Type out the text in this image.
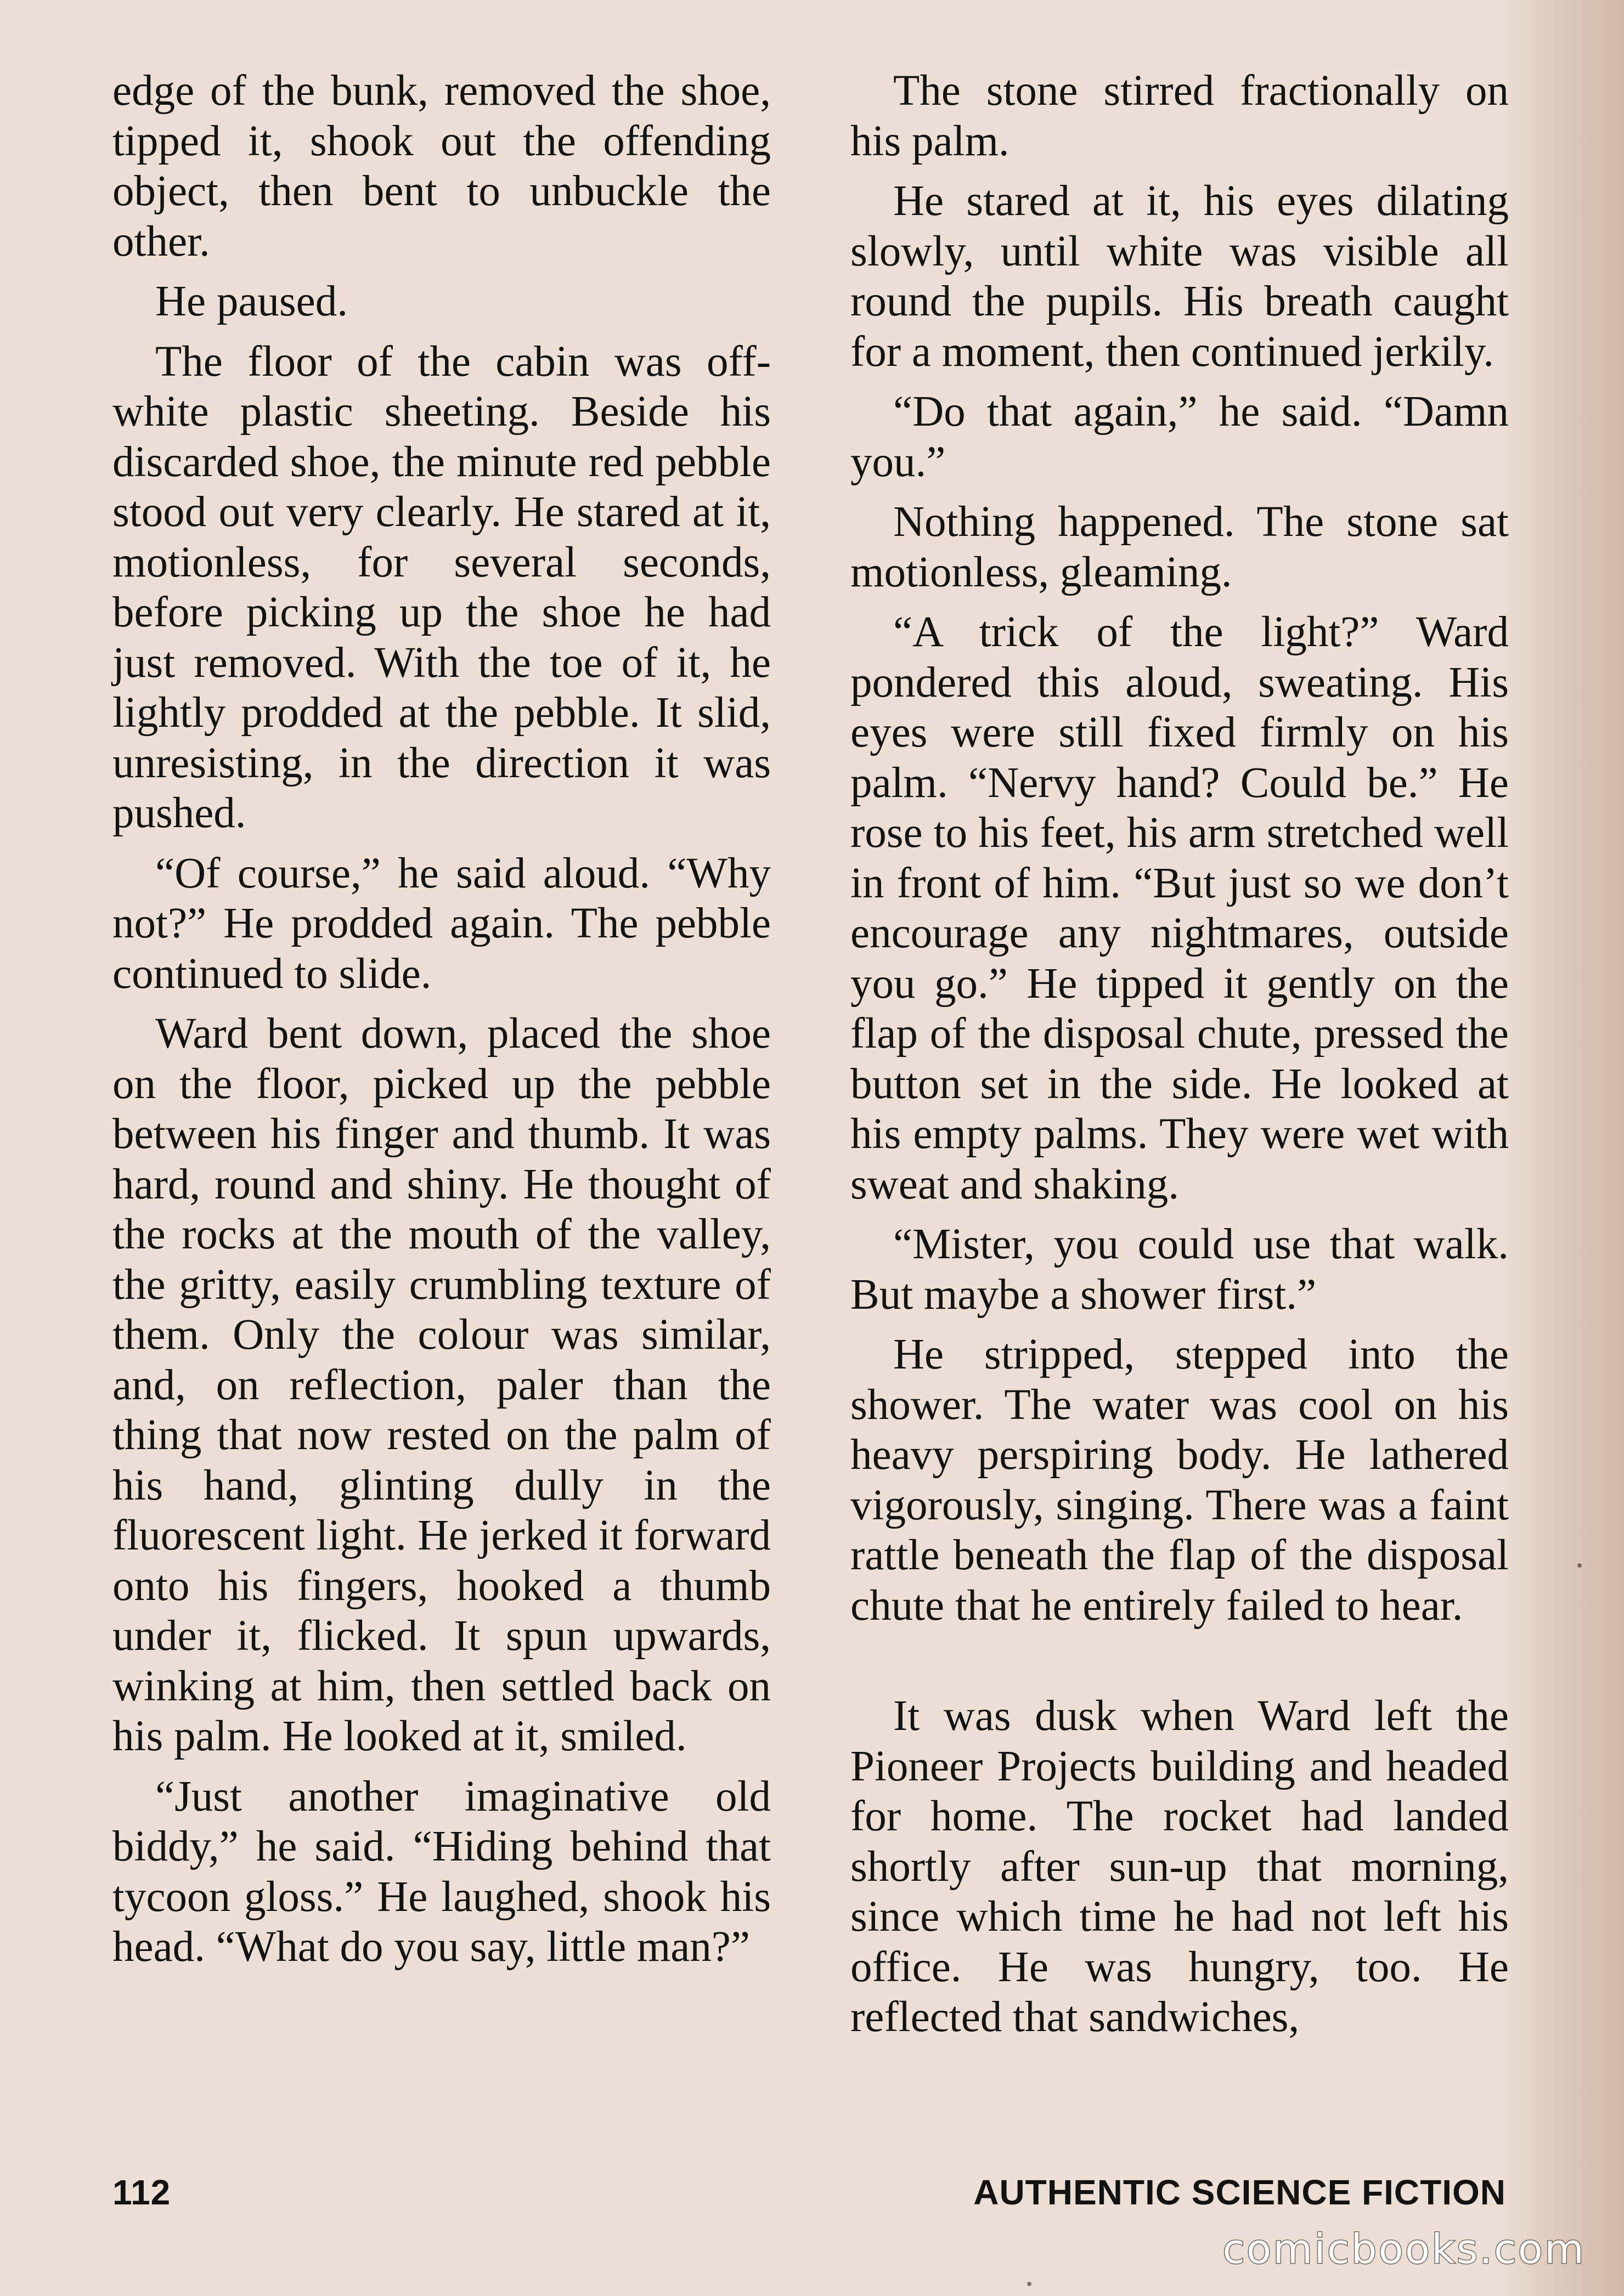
edge of the bunk, removed the shoe, tipped it, shook out the offending object, then bent to unbuckle the other.

He paused.

The floor of the cabin was off-white plastic sheeting. Beside his discarded shoe, the minute red pebble stood out very clearly. He stared at it, motionless, for several seconds, before picking up the shoe he had just removed. With the toe of it, he lightly prodded at the pebble. It slid, unresisting, in the direction it was pushed.

“Of course,” he said aloud. “Why not?” He prodded again. The pebble continued to slide.

Ward bent down, placed the shoe on the floor, picked up the pebble between his finger and thumb. It was hard, round and shiny. He thought of the rocks at the mouth of the valley, the gritty, easily crumbling texture of them. Only the colour was similar, and, on reflection, paler than the thing that now rested on the palm of his hand, glinting dully in the fluorescent light. He jerked it forward onto his fingers, hooked a thumb under it, flicked. It spun upwards, winking at him, then settled back on his palm. He looked at it, smiled.

“Just another imaginative old biddy,” he said. “Hiding behind that tycoon gloss.” He laughed, shook his head. “What do you say, little man?”

The stone stirred fractionally on his palm.

He stared at it, his eyes dilating slowly, until white was visible all round the pupils. His breath caught for a moment, then continued jerkily.

“Do that again,” he said. “Damn you.”

Nothing happened. The stone sat motionless, gleaming.

“A trick of the light?” Ward pondered this aloud, sweating. His eyes were still fixed firmly on his palm. “Nervy hand? Could be.” He rose to his feet, his arm stretched well in front of him. “But just so we don’t encourage any nightmares, outside you go.” He tipped it gently on the flap of the disposal chute, pressed the button set in the side. He looked at his empty palms. They were wet with sweat and shaking.

“Mister, you could use that walk. But maybe a shower first.”

He stripped, stepped into the shower. The water was cool on his heavy perspiring body. He lathered vigorously, singing. There was a faint rattle beneath the flap of the disposal chute that he entirely failed to hear.

It was dusk when Ward left the Pioneer Projects building and headed for home. The rocket had landed shortly after sun-up that morning, since which time he had not left his office. He was hungry, too. He reflected that sandwiches,

112	AUTHENTIC SCIENCE FICTION
comicbooks.com
